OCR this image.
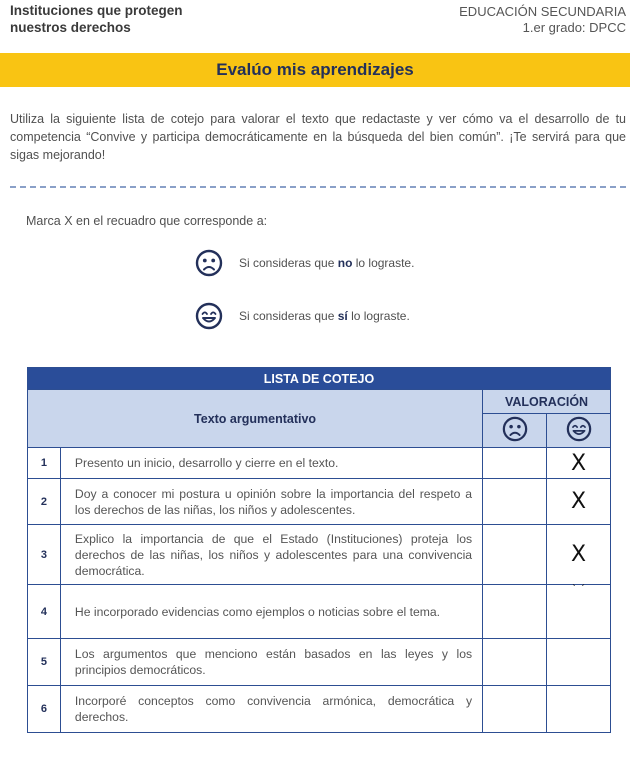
Instituciones que protegen
nuestros derechos
EDUCACIÓN SECUNDARIA
1.er grado: DPCC
Evalúo mis aprendizajes

Utiliza la siguiente lista de cotejo para valorar el texto que redactaste y ver cómo va el desarrollo de tu competencia “Convive y participa democráticamente en la búsqueda del bien común”. ¡Te servirá para que sigas mejorando!

Marca X en el recuadro que corresponde a:
Si consideras que no lo lograste.
Si consideras que sí lo lograste.
LISTA DE COTEJO			
Texto argumentativo		VALORACIÓN	

1	Presento un inicio, desarrollo y cierre en el texto.		X
2	Doy a conocer mi postura u opinión sobre la importancia del respeto a los derechos de las niñas, los niños y adolescentes.		X
3	Explico la importancia de que el Estado (Instituciones) proteja los derechos de las niñas, los niños y adolescentes para una convivencia democrática.		X
4	He incorporado evidencias como ejemplos o noticias sobre el tema.		ˋ ˊ
5	Los argumentos que menciono están basados en las leyes y los principios democráticos.		
6	Incorporé conceptos como convivencia armónica, democrática y derechos.		
